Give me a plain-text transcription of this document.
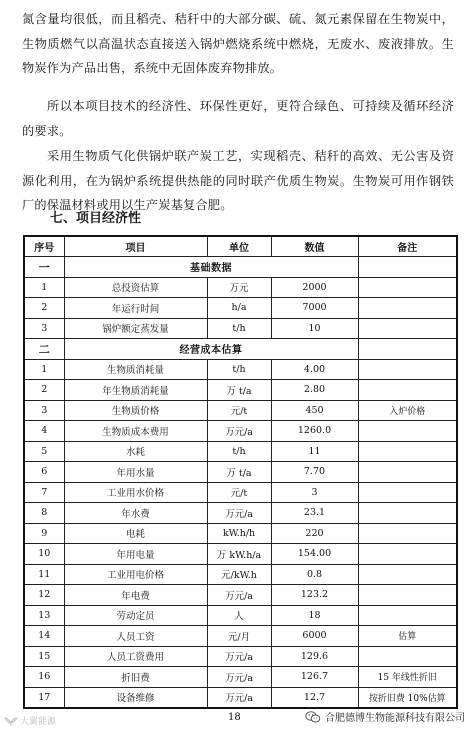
氮含量均很低，而且稻壳、秸秆中的大部分碳、硫、氮元素保留在生物炭中，生物质燃气以高温状态直接送入锅炉燃烧系统中燃烧，无废水、废液排放。生物炭作为产品出售，系统中无固体废弃物排放。

所以本项目技术的经济性、环保性更好，更符合绿色、可持续及循环经济的要求。

采用生物质气化供锅炉联产炭工艺，实现稻壳、秸秆的高效、无公害及资源化利用，在为锅炉系统提供热能的同时联产优质生物炭。生物炭可用作钢铁厂的保温材料或用以生产炭基复合肥。

七、项目经济性
序号	项目	单位	数值	备注
一	基础数据			
1	总投资估算	万元	2000	
2	年运行时间	h/a	7000	
3	锅炉额定蒸发量	t/h	10	
二	经营成本估算			
1	生物质消耗量	t/h	4.00	
2	年生物质消耗量	万 t/a	2.80	
3	生物质价格	元/t	450	入炉价格
4	生物质成本费用	万元/a	1260.0	
5	水耗	t/h	11	
6	年用水量	万 t/a	7.70	
7	工业用水价格	元/t	3	
8	年水费	万元/a	23.1	
9	电耗	kW.h/h	220	
10	年用电量	万 kW.h/a	154.00	
11	工业用电价格	元/kW.h	0.8	
12	年电费	万元/a	123.2	
13	劳动定员	人	18	
14	人员工资	元/月	6000	估算
15	人员工资费用	万元/a	129.6	
16	折旧费	万元/a	126.7	15 年线性折旧
17	设备维修	万元/a	12.7	按折旧费 10%估算
大翼能源	18	合肥德博生物能源科技有限公司
